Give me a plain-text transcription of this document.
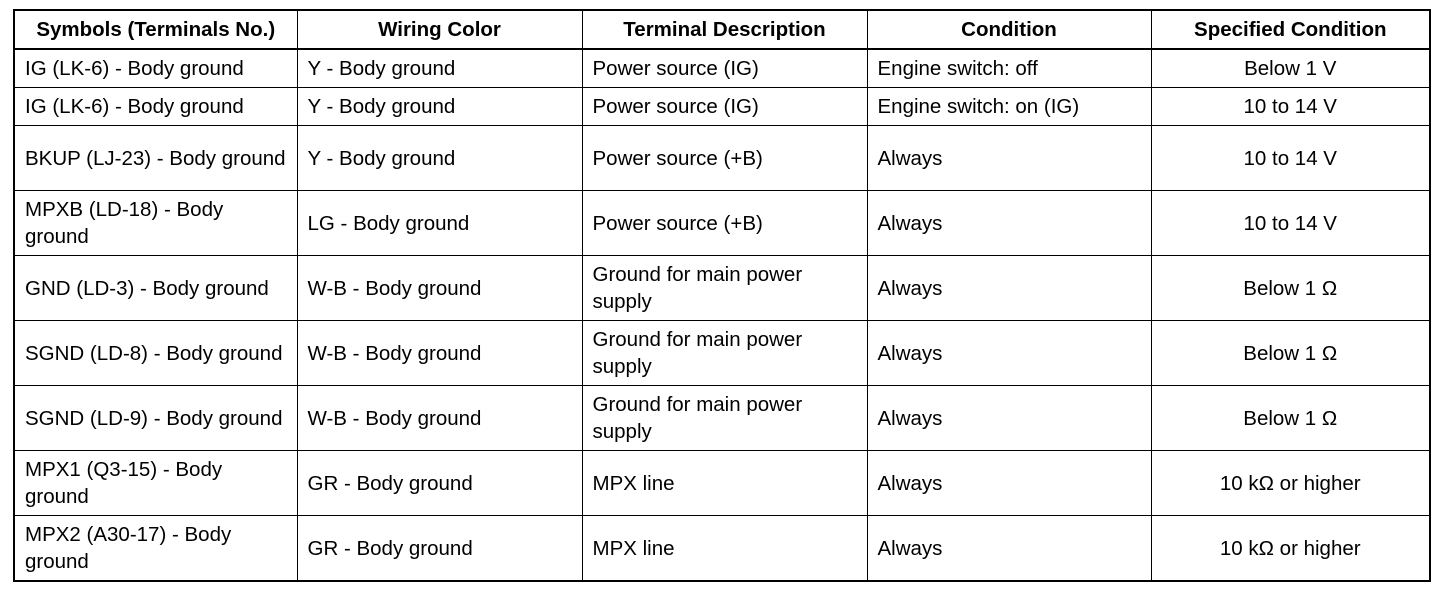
Symbols (Terminals No.)	Wiring Color	Terminal Description	Condition	Specified Condition
IG (LK-6) - Body ground	Y - Body ground	Power source (IG)	Engine switch: off	Below 1 V
IG (LK-6) - Body ground	Y - Body ground	Power source (IG)	Engine switch: on (IG)	10 to 14 V
BKUP (LJ-23) - Body ground	Y - Body ground	Power source (+B)	Always	10 to 14 V
MPXB (LD-18) - Body ground	LG - Body ground	Power source (+B)	Always	10 to 14 V
GND (LD-3) - Body ground	W-B - Body ground	Ground for main power supply	Always	Below 1 Ω
SGND (LD-8) - Body ground	W-B - Body ground	Ground for main power supply	Always	Below 1 Ω
SGND (LD-9) - Body ground	W-B - Body ground	Ground for main power supply	Always	Below 1 Ω
MPX1 (Q3-15) - Body ground	GR - Body ground	MPX line	Always	10 kΩ or higher
MPX2 (A30-17) - Body ground	GR - Body ground	MPX line	Always	10 kΩ or higher
